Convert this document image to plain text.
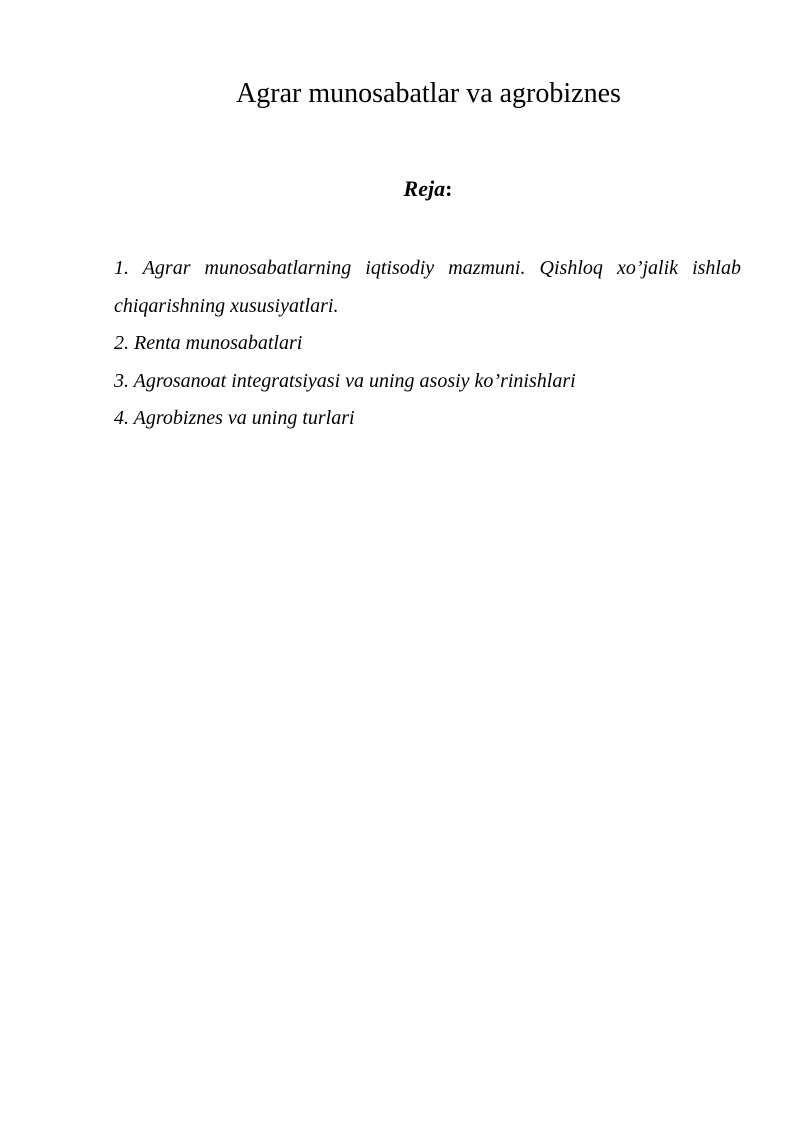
Agrar munosabatlar va agrobiznes
Reja:
1. Agrar munosabatlarning iqtisodiy mazmuni. Qishloq xo’jalik ishlab chiqarishning xususiyatlari.
2. Renta munosabatlari
3. Agrosanoat integratsiyasi va uning asosiy ko’rinishlari
4. Agrobiznes va uning turlari
